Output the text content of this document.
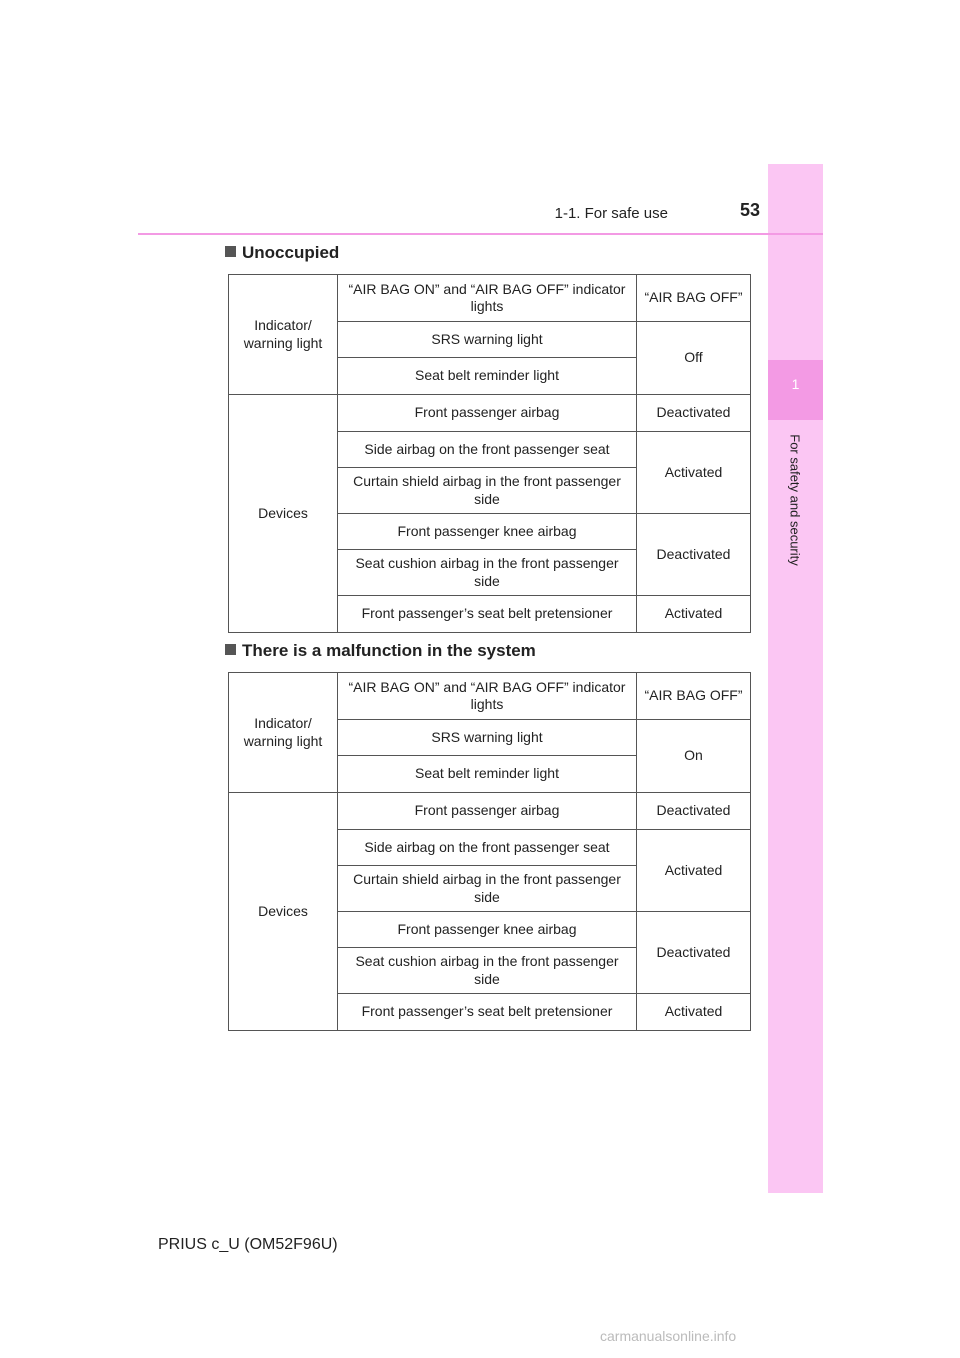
1
For safety and security
1-1. For safe use	53
Unoccupied
Indicator/ warning light	“AIR BAG ON” and “AIR BAG OFF” indicator lights	“AIR BAG OFF”
	SRS warning light	Off
	Seat belt reminder light	
Devices	Front passenger airbag	Deactivated
	Side airbag on the front passenger seat	Activated
	Curtain shield airbag in the front passenger side	
	Front passenger knee airbag	Deactivated
	Seat cushion airbag in the front passenger side	
	Front passenger’s seat belt pretensioner	Activated
There is a malfunction in the system
Indicator/ warning light	“AIR BAG ON” and “AIR BAG OFF” indicator lights	“AIR BAG OFF”
	SRS warning light	On
	Seat belt reminder light	
Devices	Front passenger airbag	Deactivated
	Side airbag on the front passenger seat	Activated
	Curtain shield airbag in the front passenger side	
	Front passenger knee airbag	Deactivated
	Seat cushion airbag in the front passenger side	
	Front passenger’s seat belt pretensioner	Activated
PRIUS c_U (OM52F96U)
carmanualsonline.info
